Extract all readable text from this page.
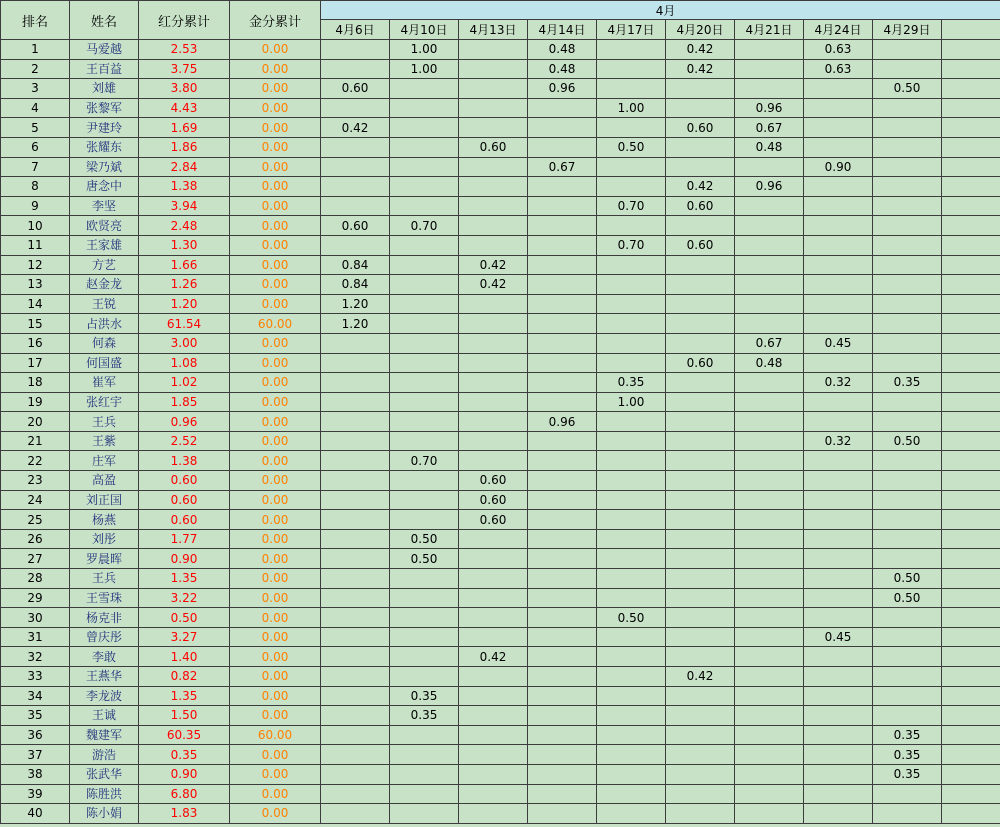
排名	姓名	红分累计	金分累计	4月									
				4月6日	4月10日	4月13日	4月14日	4月17日	4月20日	4月21日	4月24日	4月29日	
1	马爱越	2.53	0.00		1.00		0.48		0.42		0.63		
2	王百益	3.75	0.00		1.00		0.48		0.42		0.63		
3	刘雄	3.80	0.00	0.60			0.96					0.50	
4	张黎军	4.43	0.00					1.00		0.96			
5	尹建玲	1.69	0.00	0.42					0.60	0.67			
6	张耀东	1.86	0.00			0.60		0.50		0.48			
7	梁乃斌	2.84	0.00				0.67				0.90		
8	唐念中	1.38	0.00						0.42	0.96			
9	李坚	3.94	0.00					0.70	0.60				
10	欧贤亮	2.48	0.00	0.60	0.70								
11	王家雄	1.30	0.00					0.70	0.60				
12	方艺	1.66	0.00	0.84		0.42							
13	赵金龙	1.26	0.00	0.84		0.42							
14	王锐	1.20	0.00	1.20									
15	占洪水	61.54	60.00	1.20									
16	何森	3.00	0.00							0.67	0.45		
17	何国盛	1.08	0.00						0.60	0.48			
18	崔军	1.02	0.00					0.35			0.32	0.35	
19	张红宇	1.85	0.00					1.00					
20	王兵	0.96	0.00				0.96						
21	王紫	2.52	0.00								0.32	0.50	
22	庄军	1.38	0.00		0.70								
23	高盈	0.60	0.00			0.60							
24	刘正国	0.60	0.00			0.60							
25	杨燕	0.60	0.00			0.60							
26	刘彤	1.77	0.00		0.50								
27	罗晨晖	0.90	0.00		0.50								
28	王兵	1.35	0.00									0.50	
29	王雪珠	3.22	0.00									0.50	
30	杨克非	0.50	0.00					0.50					
31	曾庆彤	3.27	0.00								0.45		
32	李敢	1.40	0.00			0.42							
33	王燕华	0.82	0.00						0.42				
34	李龙波	1.35	0.00		0.35								
35	王诚	1.50	0.00		0.35								
36	魏建军	60.35	60.00									0.35	
37	游浩	0.35	0.00									0.35	
38	张武华	0.90	0.00									0.35	
39	陈胜洪	6.80	0.00										
40	陈小娟	1.83	0.00										
